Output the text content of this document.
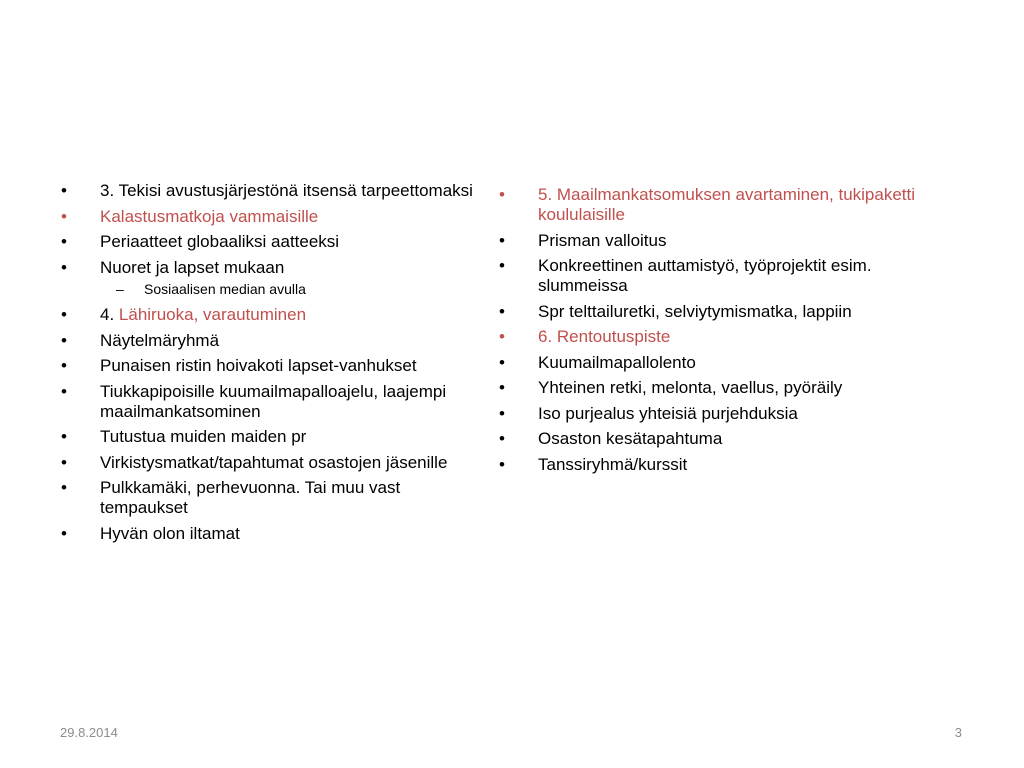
•	3. Tekisi avustusjärjestönä itsensä tarpeettomaksi
•	Kalastusmatkoja vammaisille
•	Periaatteet globaaliksi aatteeksi
•	Nuoret ja lapset mukaan
–	Sosiaalisen median avulla
•	4. Lähiruoka, varautuminen
•	Näytelmäryhmä
•	Punaisen ristin hoivakoti lapset-vanhukset
•	Tiukkapipoisille kuumailmapalloajelu, laajempi maailmankatsominen
•	Tutustua muiden maiden pr
•	Virkistysmatkat/tapahtumat osastojen jäsenille
•	Pulkkamäki, perhevuonna. Tai muu vast tempaukset
•	Hyvän olon iltamat
•	5. Maailmankatsomuksen avartaminen, tukipaketti koululaisille
•	Prisman valloitus
•	Konkreettinen auttamistyö, työprojektit esim. slummeissa
•	Spr telttailuretki, selviytymismatka, lappiin
•	6. Rentoutuspiste
•	Kuumailmapallolento
•	Yhteinen retki, melonta, vaellus, pyöräily
•	Iso purjealus yhteisiä purjehduksia
•	Osaston kesätapahtuma
•	Tanssiryhmä/kurssit
29.8.2014	3
